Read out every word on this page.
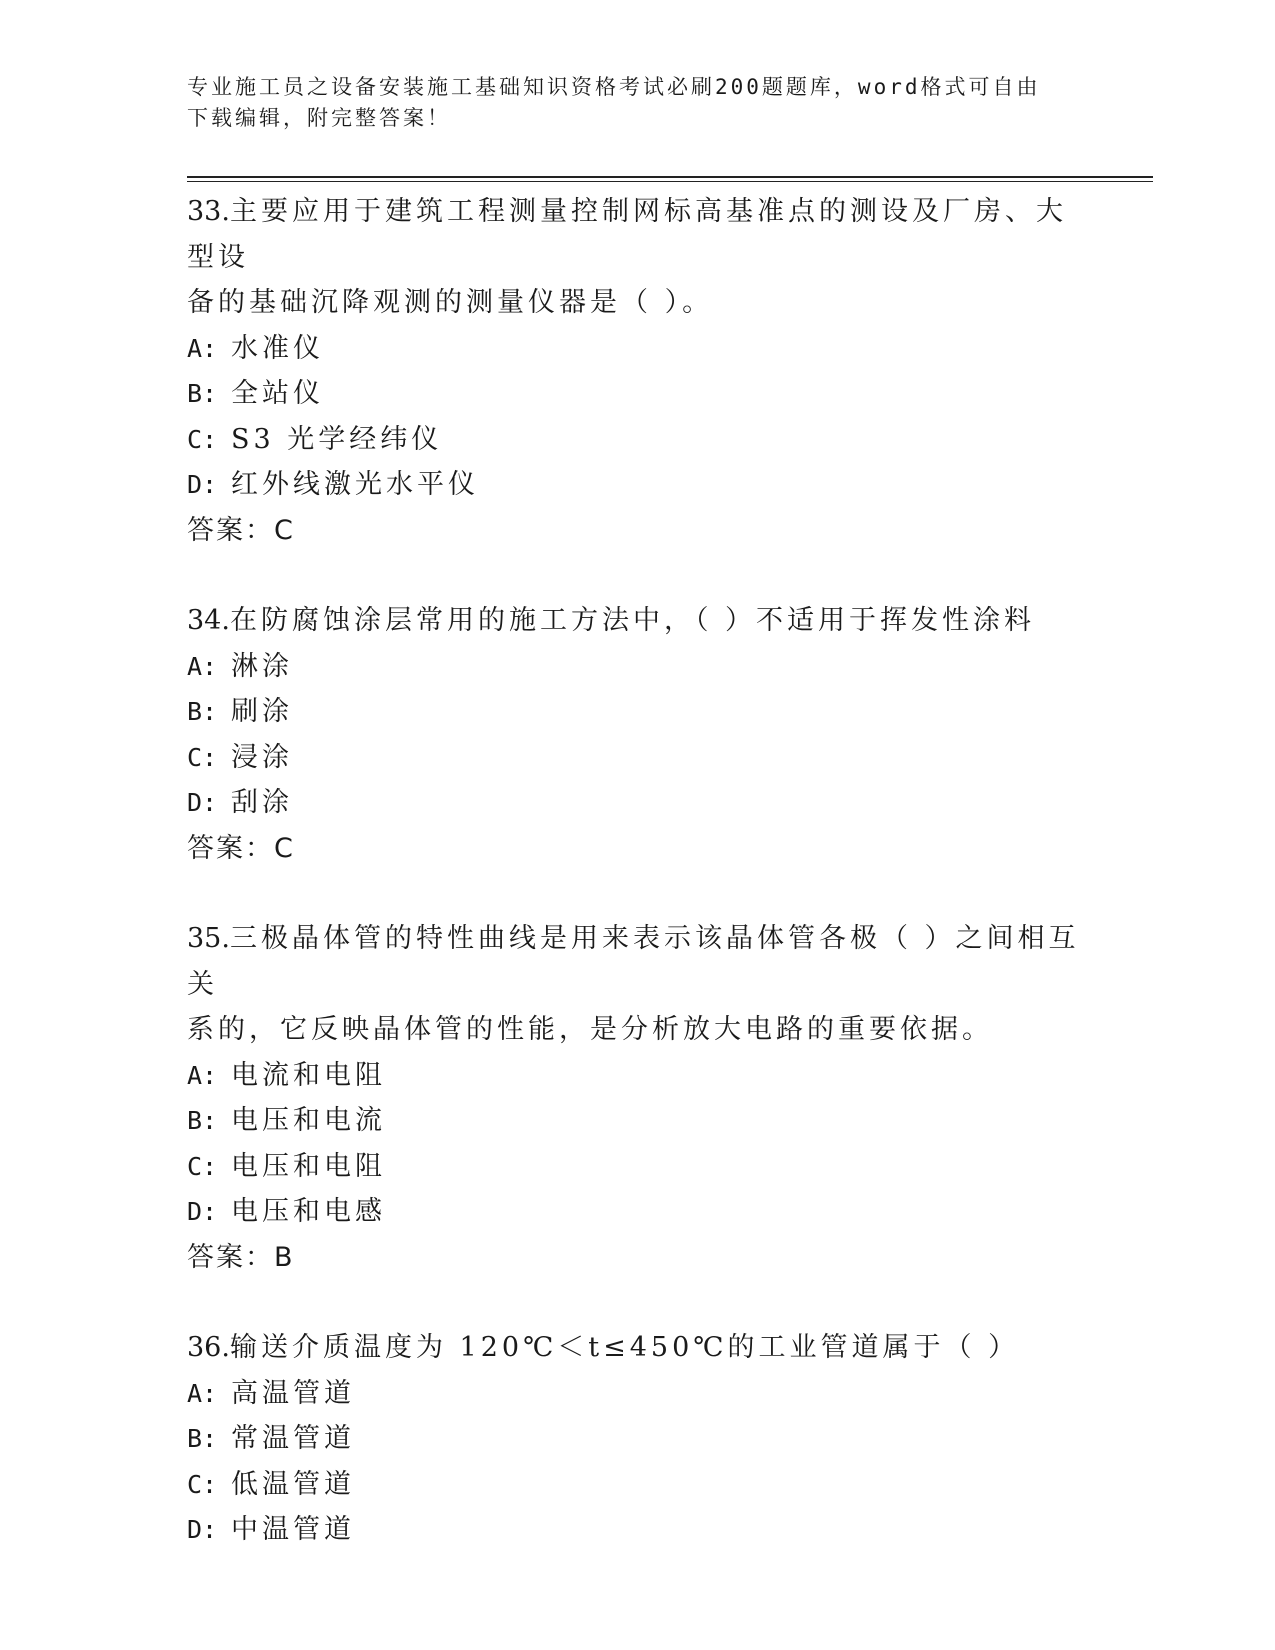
专业施工员之设备安装施工基础知识资格考试必刷200题题库，word格式可自由
下载编辑，附完整答案！

33.主要应用于建筑工程测量控制网标高基准点的测设及厂房、大型设

备的基础沉降观测的测量仪器是（ ）。

A: 水准仪

B: 全站仪

C: S3 光学经纬仪

D: 红外线激光水平仪

答案：C

34.在防腐蚀涂层常用的施工方法中，（ ）不适用于挥发性涂料

A: 淋涂

B: 刷涂

C: 浸涂

D: 刮涂

答案：C

35.三极晶体管的特性曲线是用来表示该晶体管各极（ ）之间相互关

系的，它反映晶体管的性能，是分析放大电路的重要依据。

A: 电流和电阻

B: 电压和电流

C: 电压和电阻

D: 电压和电感

答案：B

36.输送介质温度为 120℃＜t≤450℃的工业管道属于（ ）

A: 高温管道

B: 常温管道

C: 低温管道

D: 中温管道
